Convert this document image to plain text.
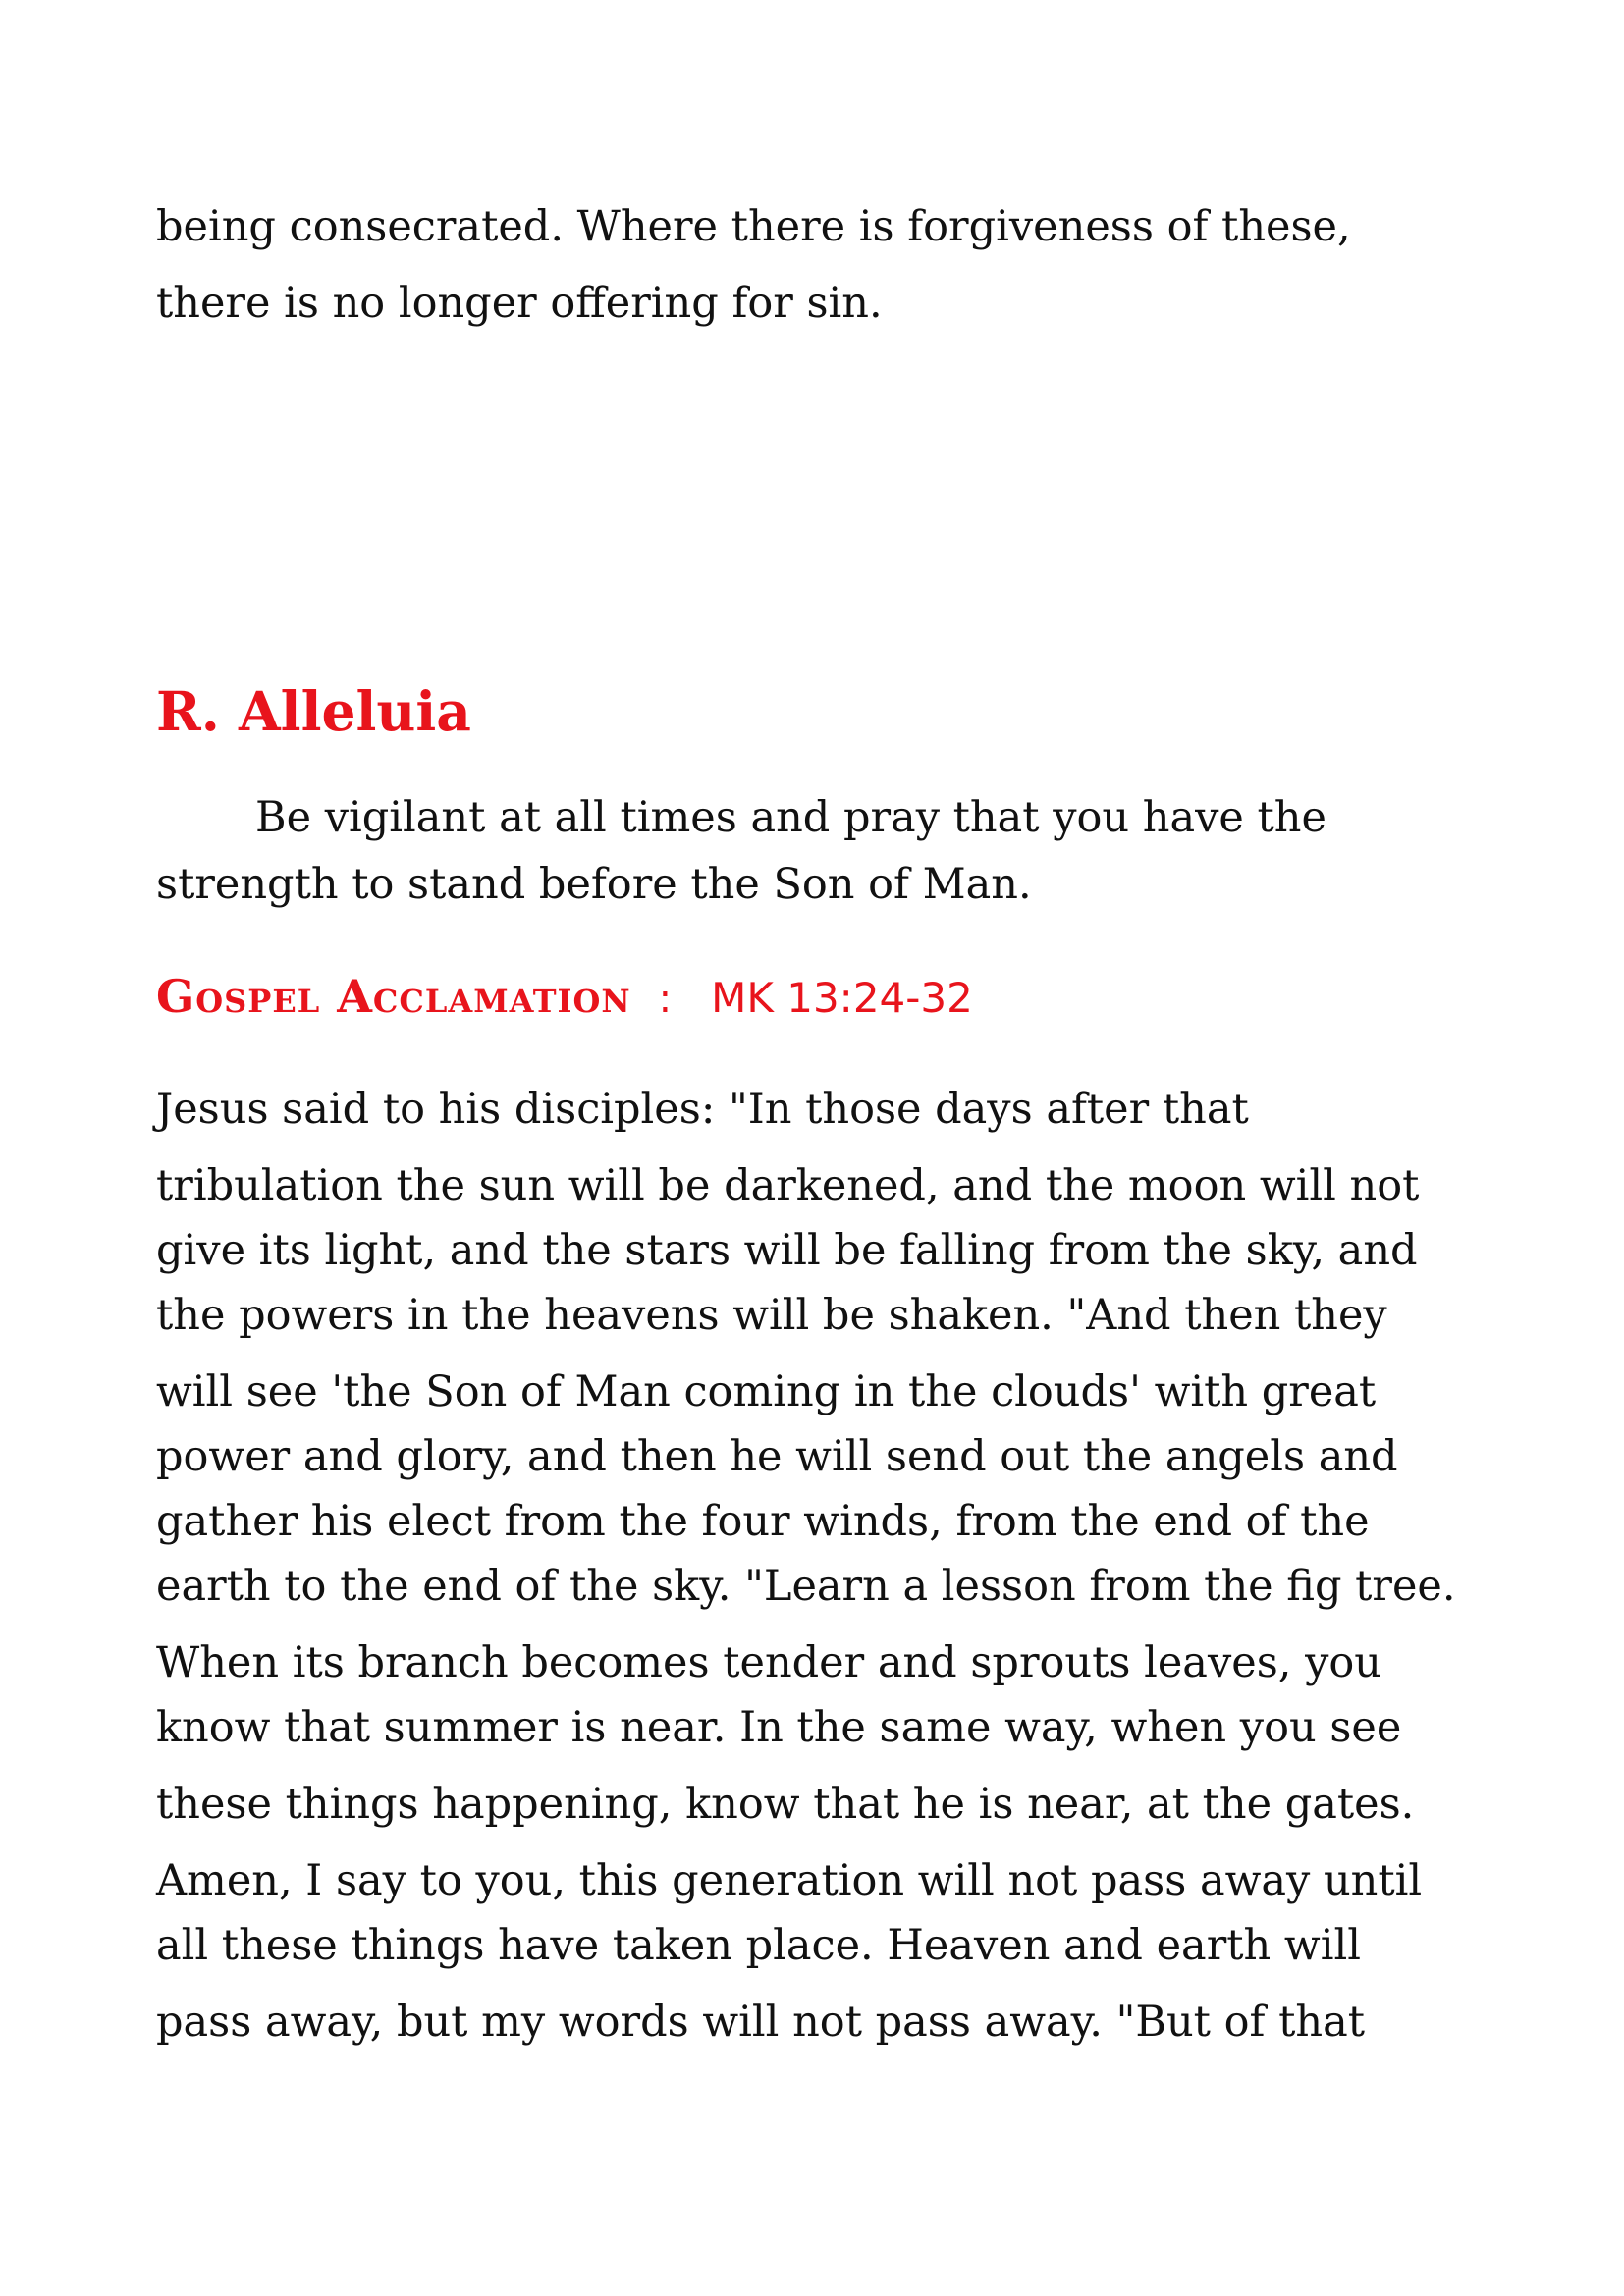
being consecrated. Where there is forgiveness of these,
there is no longer offering for sin.
R. Alleluia
Be vigilant at all times and pray that you have the
strength to stand before the Son of Man.
Gospel Acclamation : MK 13:24-32
Jesus said to his disciples: "In those days after that
tribulation the sun will be darkened, and the moon will not
give its light, and the stars will be falling from the sky, and
the powers in the heavens will be shaken. "And then they
will see 'the Son of Man coming in the clouds' with great
power and glory, and then he will send out the angels and
gather his elect from the four winds, from the end of the
earth to the end of the sky. "Learn a lesson from the fig tree.
When its branch becomes tender and sprouts leaves, you
know that summer is near. In the same way, when you see
these things happening, know that he is near, at the gates.
Amen, I say to you, this generation will not pass away until
all these things have taken place. Heaven and earth will
pass away, but my words will not pass away. "But of that
